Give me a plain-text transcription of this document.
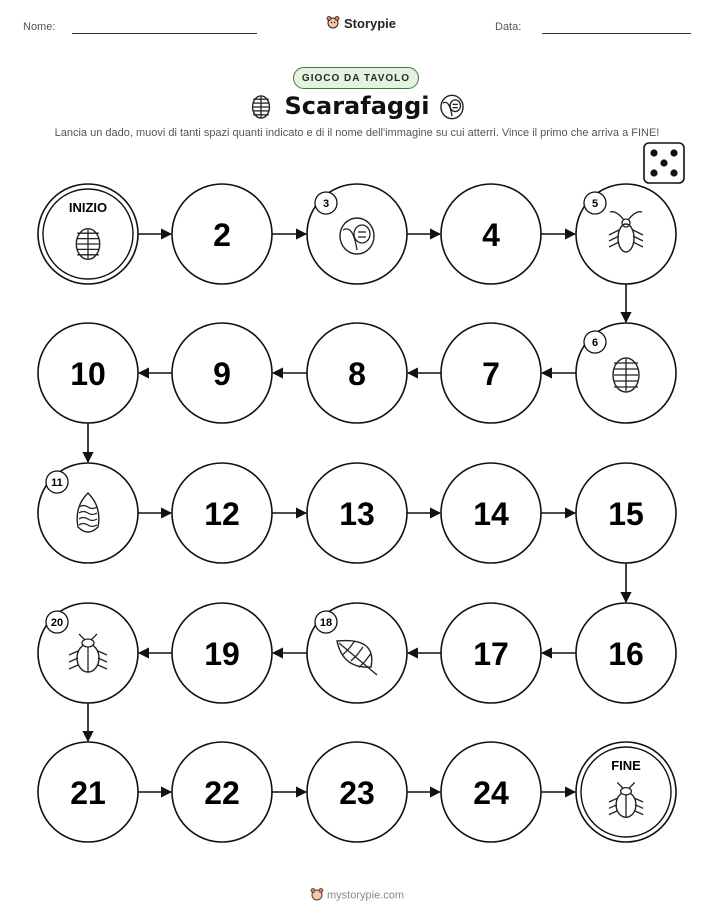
Nome:	Storypie	Data:
GIOCO DA TAVOLO
Scarafaggi
Lancia un dado, muovi di tanti spazi quanti indicato e di il nome dell'immagine su cui atterri. Vince il primo che arriva a FINE!
INIZIO
2
3
4
5
6
7
8
9
10
11
12	13	14	15
16
17
18
19
20
21	22	23	24
FINE
mystorypie.com
